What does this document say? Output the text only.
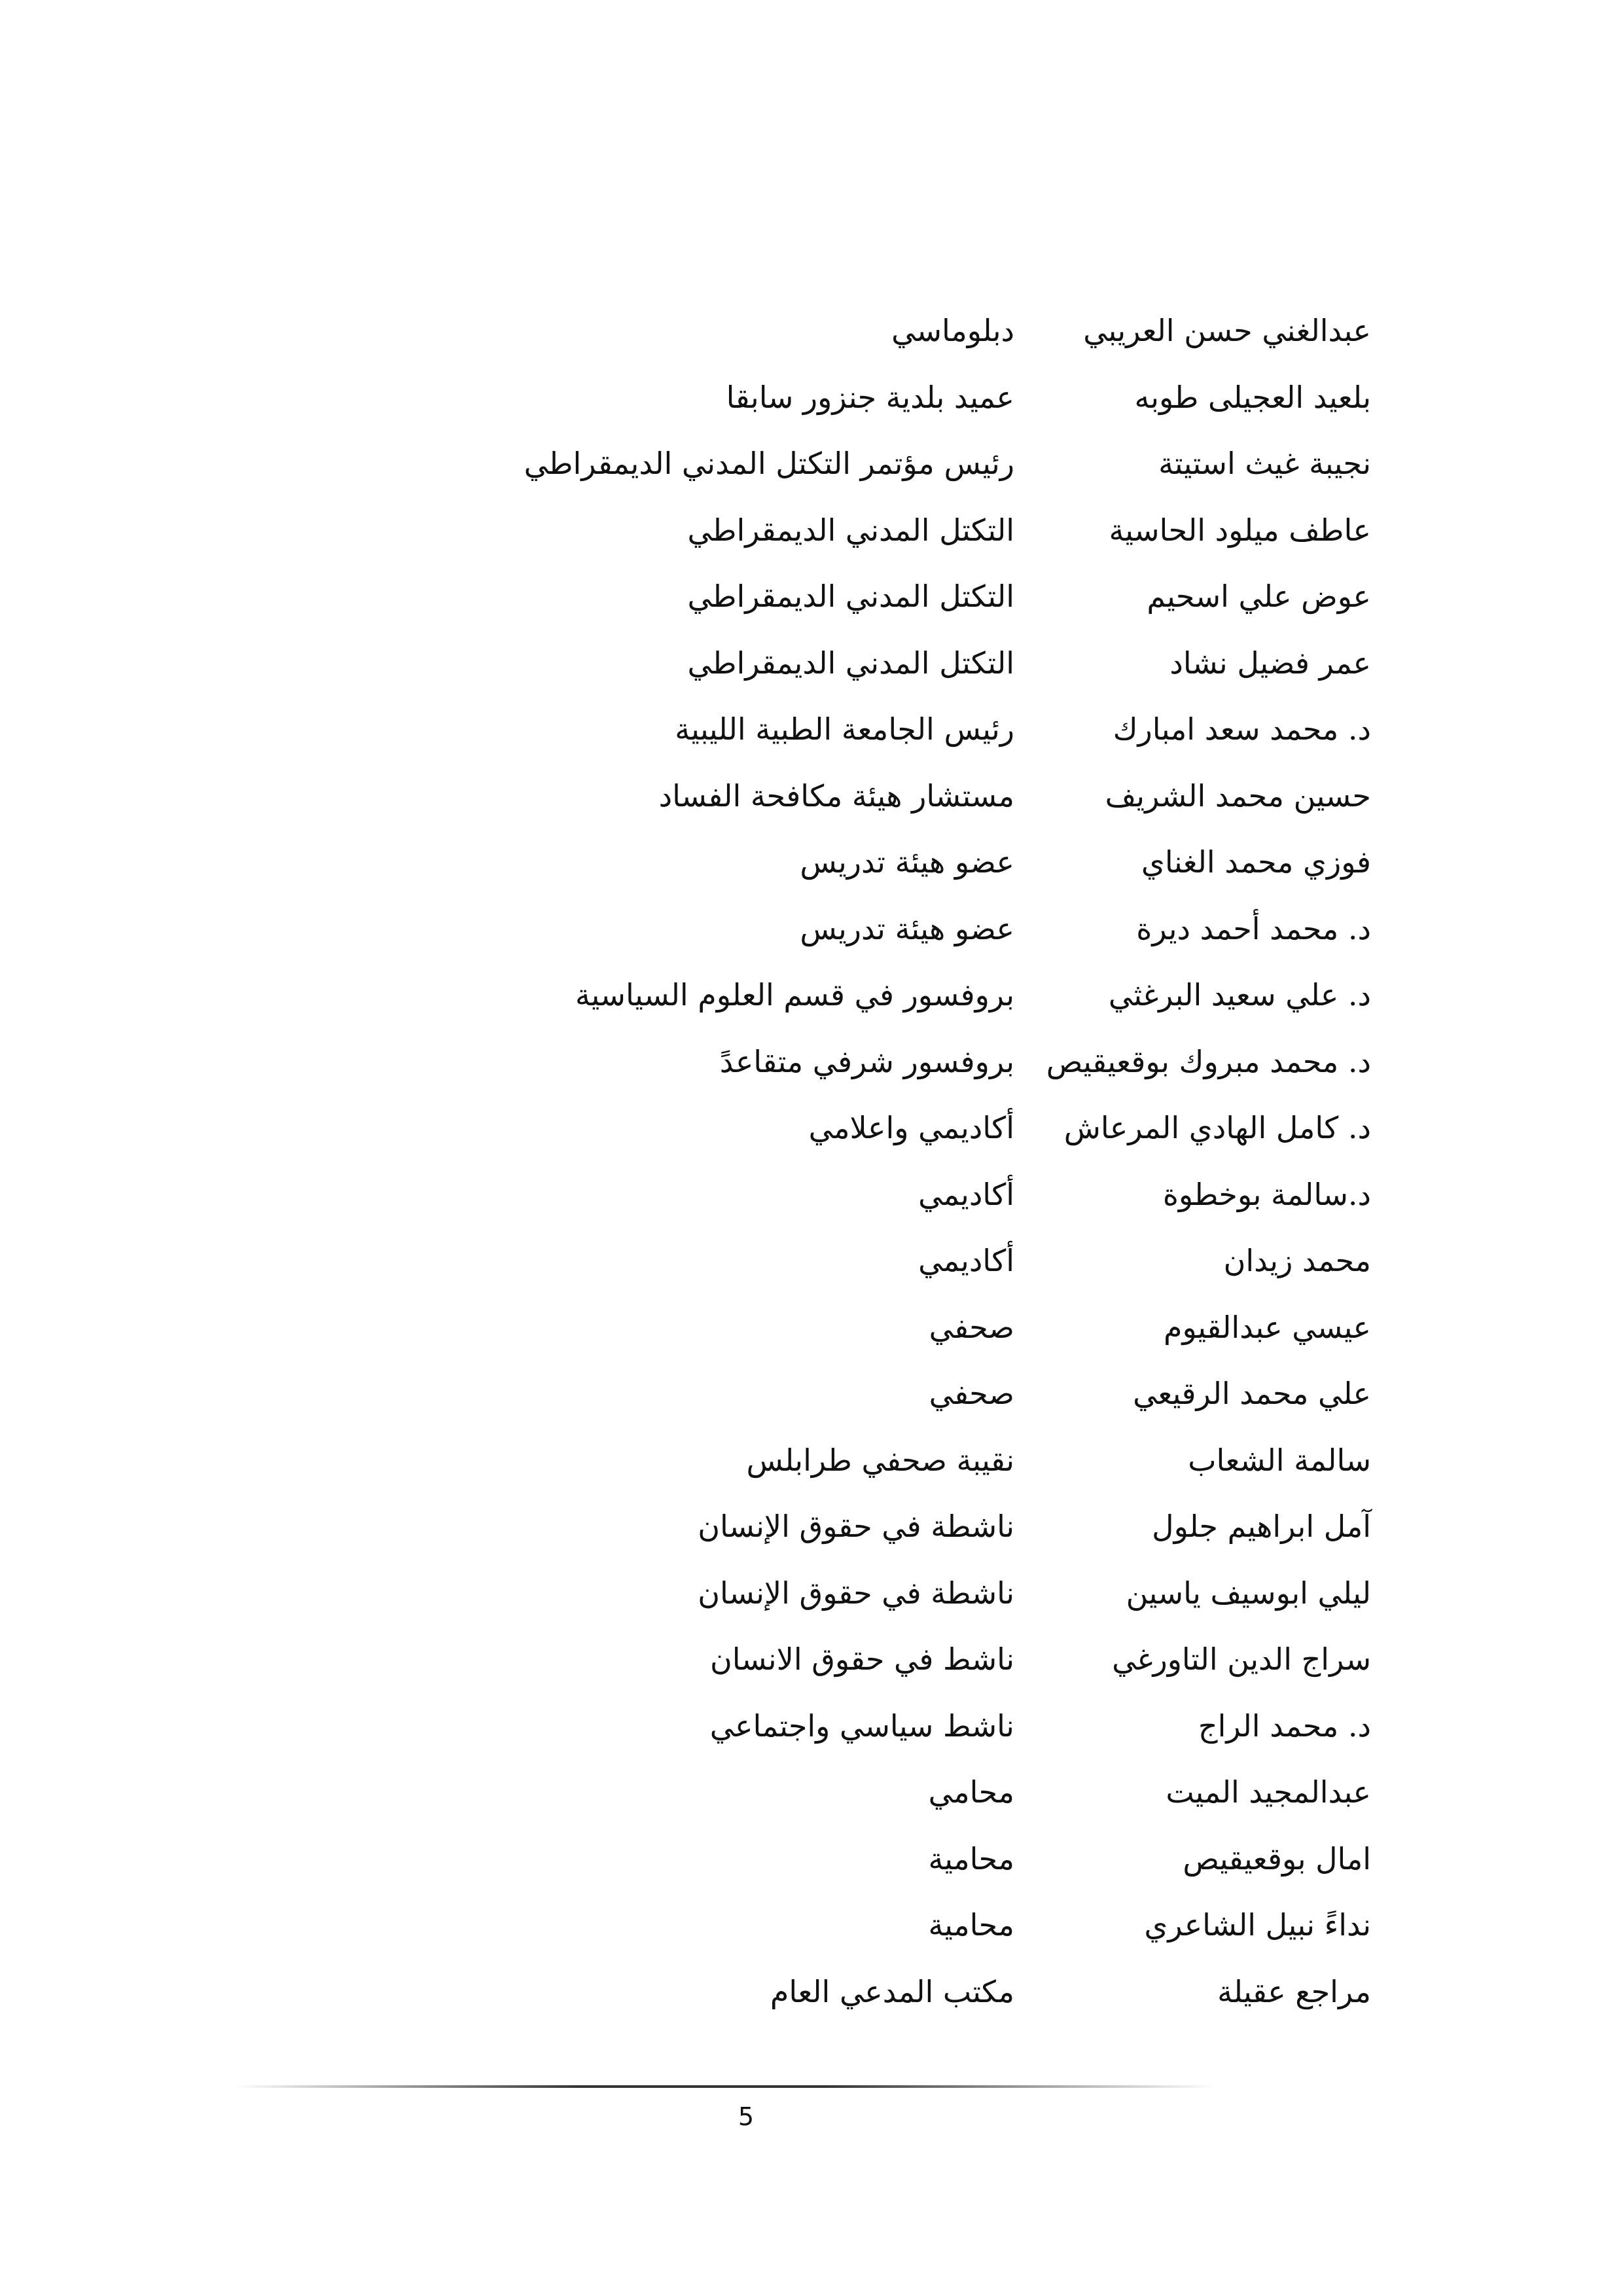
عبدالغني حسن العريبي
دبلوماسي
بلعيد العجيلى طوبه
عميد بلدية جنزور سابقا
نجيبة غيث استيتة
رئيس مؤتمر التكتل المدني الديمقراطي
عاطف ميلود الحاسية
التكتل المدني الديمقراطي
عوض علي اسحيم
التكتل المدني الديمقراطي
عمر فضيل نشاد
التكتل المدني الديمقراطي
د. محمد سعد امبارك
رئيس الجامعة الطبية الليبية
حسين محمد الشريف
مستشار هيئة مكافحة الفساد
فوزي محمد الغناي
عضو هيئة تدريس
د. محمد أحمد ديرة
عضو هيئة تدريس
د. علي سعيد البرغثي
بروفسور في قسم العلوم السياسية
د. محمد مبروك بوقعيقيص
بروفسور شرفي متقاعدً
د. كامل الهادي المرعاش
أكاديمي واعلامي
د.سالمة بوخطوة
أكاديمي
محمد زيدان
أكاديمي
عيسي عبدالقيوم
صحفي
علي محمد الرقيعي
صحفي
سالمة الشعاب
نقيبة صحفي طرابلس
آمل ابراهيم جلول
ناشطة في حقوق الإنسان
ليلي ابوسيف ياسين
ناشطة في حقوق الإنسان
سراج الدين التاورغي
ناشط في حقوق الانسان
د. محمد الراج
ناشط سياسي واجتماعي
عبدالمجيد الميت
محامي
امال بوقعيقيص
محامية
نداءً نبيل الشاعري
محامية
مراجع عقيلة
مكتب المدعي العام
5
